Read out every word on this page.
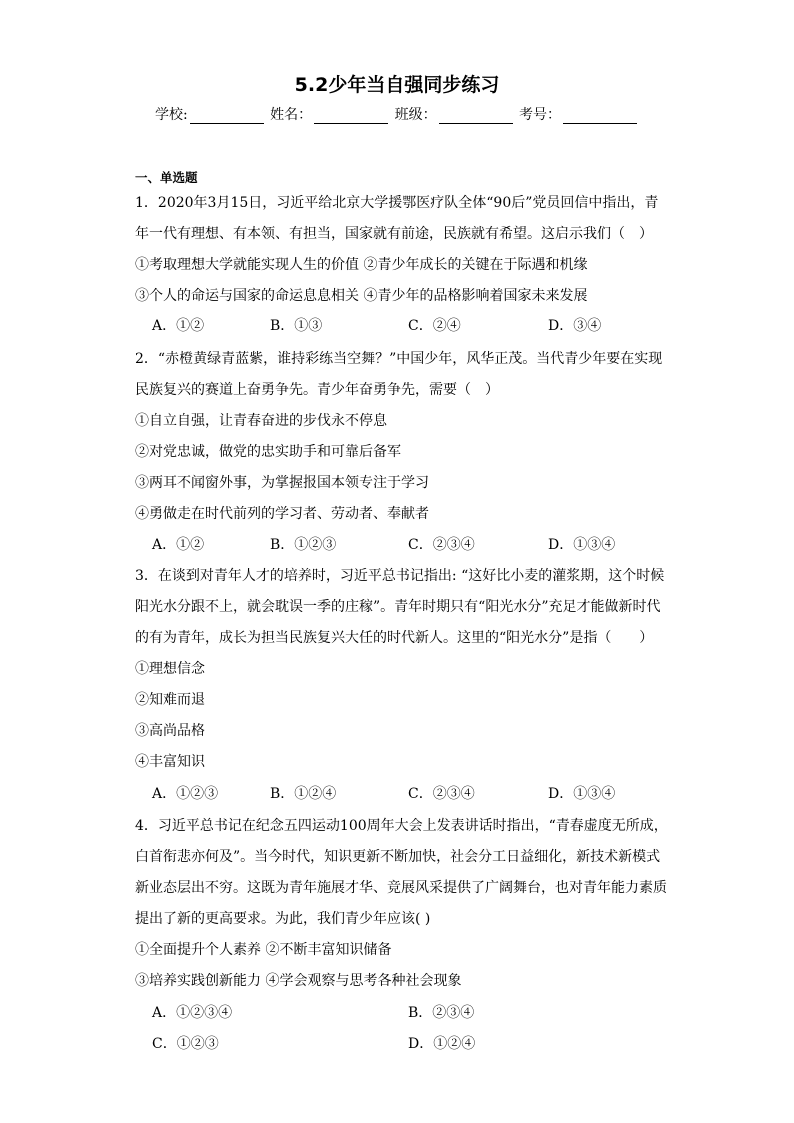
5.2少年当自强同步练习
学校:	姓名：	班级：	考号：
一、单选题
1．2020年3月15日，习近平给北京大学援鄂医疗队全体“90后”党员回信中指出，青
年一代有理想、有本领、有担当，国家就有前途，民族就有希望。这启示我们（　）
①考取理想大学就能实现人生的价值 ②青少年成长的关键在于际遇和机缘
③个人的命运与国家的命运息息相关 ④青少年的品格影响着国家未来发展
A．①②	B．①③	C．②④	D．③④
2．“赤橙黄绿青蓝紫，谁持彩练当空舞？”中国少年，风华正茂。当代青少年要在实现
民族复兴的赛道上奋勇争先。青少年奋勇争先，需要（　）
①自立自强，让青春奋进的步伐永不停息
②对党忠诚，做党的忠实助手和可靠后备军
③两耳不闻窗外事，为掌握报国本领专注于学习
④勇做走在时代前列的学习者、劳动者、奉献者
A．①②	B．①②③	C．②③④	D．①③④
3．在谈到对青年人才的培养时，习近平总书记指出: “这好比小麦的灌浆期，这个时候
阳光水分跟不上，就会耽误一季的庄稼”。青年时期只有“阳光水分”充足才能做新时代
的有为青年，成长为担当民族复兴大任的时代新人。这里的“阳光水分”是指（　　）
①理想信念
②知难而退
③高尚品格
④丰富知识
A．①②③	B．①②④	C．②③④	D．①③④
4．习近平总书记在纪念五四运动100周年大会上发表讲话时指出，“青春虚度无所成，
白首衔悲亦何及”。当今时代，知识更新不断加快，社会分工日益细化，新技术新模式
新业态层出不穷。这既为青年施展才华、竞展风采提供了广阔舞台，也对青年能力素质
提出了新的更高要求。为此，我们青少年应该( )
①全面提升个人素养 ②不断丰富知识储备
③培养实践创新能力 ④学会观察与思考各种社会现象
A．①②③④	B．②③④
C．①②③	D．①②④
